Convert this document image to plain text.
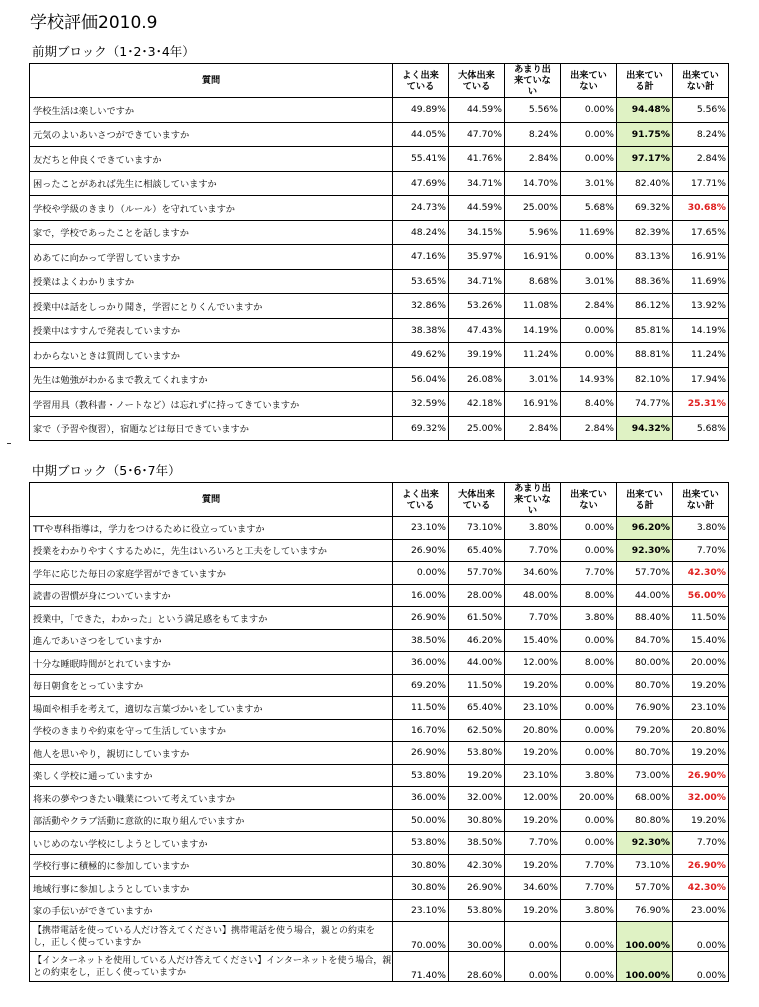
学校評価2010.9
前期ブロック（1･2･3･4年）
質問	よく出来ている	大体出来ている	あまり出来ていない	出来ていない	出来ている計	出来ていない計
学校生活は楽しいですか	49.89%	44.59%	5.56%	0.00%	94.48%	5.56%
元気のよいあいさつができていますか	44.05%	47.70%	8.24%	0.00%	91.75%	8.24%
友だちと仲良くできていますか	55.41%	41.76%	2.84%	0.00%	97.17%	2.84%
困ったことがあれば先生に相談していますか	47.69%	34.71%	14.70%	3.01%	82.40%	17.71%
学校や学級のきまり（ルール）を守れていますか	24.73%	44.59%	25.00%	5.68%	69.32%	30.68%
家で，学校であったことを話しますか	48.24%	34.15%	5.96%	11.69%	82.39%	17.65%
めあてに向かって学習していますか	47.16%	35.97%	16.91%	0.00%	83.13%	16.91%
授業はよくわかりますか	53.65%	34.71%	8.68%	3.01%	88.36%	11.69%
授業中は話をしっかり聞き，学習にとりくんでいますか	32.86%	53.26%	11.08%	2.84%	86.12%	13.92%
授業中はすすんで発表していますか	38.38%	47.43%	14.19%	0.00%	85.81%	14.19%
わからないときは質問していますか	49.62%	39.19%	11.24%	0.00%	88.81%	11.24%
先生は勉強がわかるまで教えてくれますか	56.04%	26.08%	3.01%	14.93%	82.10%	17.94%
学習用具（教科書・ノートなど）は忘れずに持ってきていますか	32.59%	42.18%	16.91%	8.40%	74.77%	25.31%
家で（予習や復習），宿題などは毎日できていますか	69.32%	25.00%	2.84%	2.84%	94.32%	5.68%
中期ブロック（5･6･7年）
質問	よく出来ている	大体出来ている	あまり出来ていない	出来ていない	出来ている計	出来ていない計
TTや専科指導は，学力をつけるために役立っていますか	23.10%	73.10%	3.80%	0.00%	96.20%	3.80%
授業をわかりやすくするために，先生はいろいろと工夫をしていますか	26.90%	65.40%	7.70%	0.00%	92.30%	7.70%
学年に応じた毎日の家庭学習ができていますか	0.00%	57.70%	34.60%	7.70%	57.70%	42.30%
読書の習慣が身についていますか	16.00%	28.00%	48.00%	8.00%	44.00%	56.00%
授業中，「できた，わかった」という満足感をもてますか	26.90%	61.50%	7.70%	3.80%	88.40%	11.50%
進んであいさつをしていますか	38.50%	46.20%	15.40%	0.00%	84.70%	15.40%
十分な睡眠時間がとれていますか	36.00%	44.00%	12.00%	8.00%	80.00%	20.00%
毎日朝食をとっていますか	69.20%	11.50%	19.20%	0.00%	80.70%	19.20%
場面や相手を考えて，適切な言葉づかいをしていますか	11.50%	65.40%	23.10%	0.00%	76.90%	23.10%
学校のきまりや約束を守って生活していますか	16.70%	62.50%	20.80%	0.00%	79.20%	20.80%
他人を思いやり，親切にしていますか	26.90%	53.80%	19.20%	0.00%	80.70%	19.20%
楽しく学校に通っていますか	53.80%	19.20%	23.10%	3.80%	73.00%	26.90%
将来の夢やつきたい職業について考えていますか	36.00%	32.00%	12.00%	20.00%	68.00%	32.00%
部活動やクラブ活動に意欲的に取り組んでいますか	50.00%	30.80%	19.20%	0.00%	80.80%	19.20%
いじめのない学校にしようとしていますか	53.80%	38.50%	7.70%	0.00%	92.30%	7.70%
学校行事に積極的に参加していますか	30.80%	42.30%	19.20%	7.70%	73.10%	26.90%
地域行事に参加しようとしていますか	30.80%	26.90%	34.60%	7.70%	57.70%	42.30%
家の手伝いができていますか	23.10%	53.80%	19.20%	3.80%	76.90%	23.00%
【携帯電話を使っている人だけ答えてください】携帯電話を使う場合，親との約束をし，正しく使っていますか	70.00%	30.00%	0.00%	0.00%	100.00%	0.00%
【インターネットを使用している人だけ答えてください】インターネットを使う場合，親との約束をし，正しく使っていますか	71.40%	28.60%	0.00%	0.00%	100.00%	0.00%
